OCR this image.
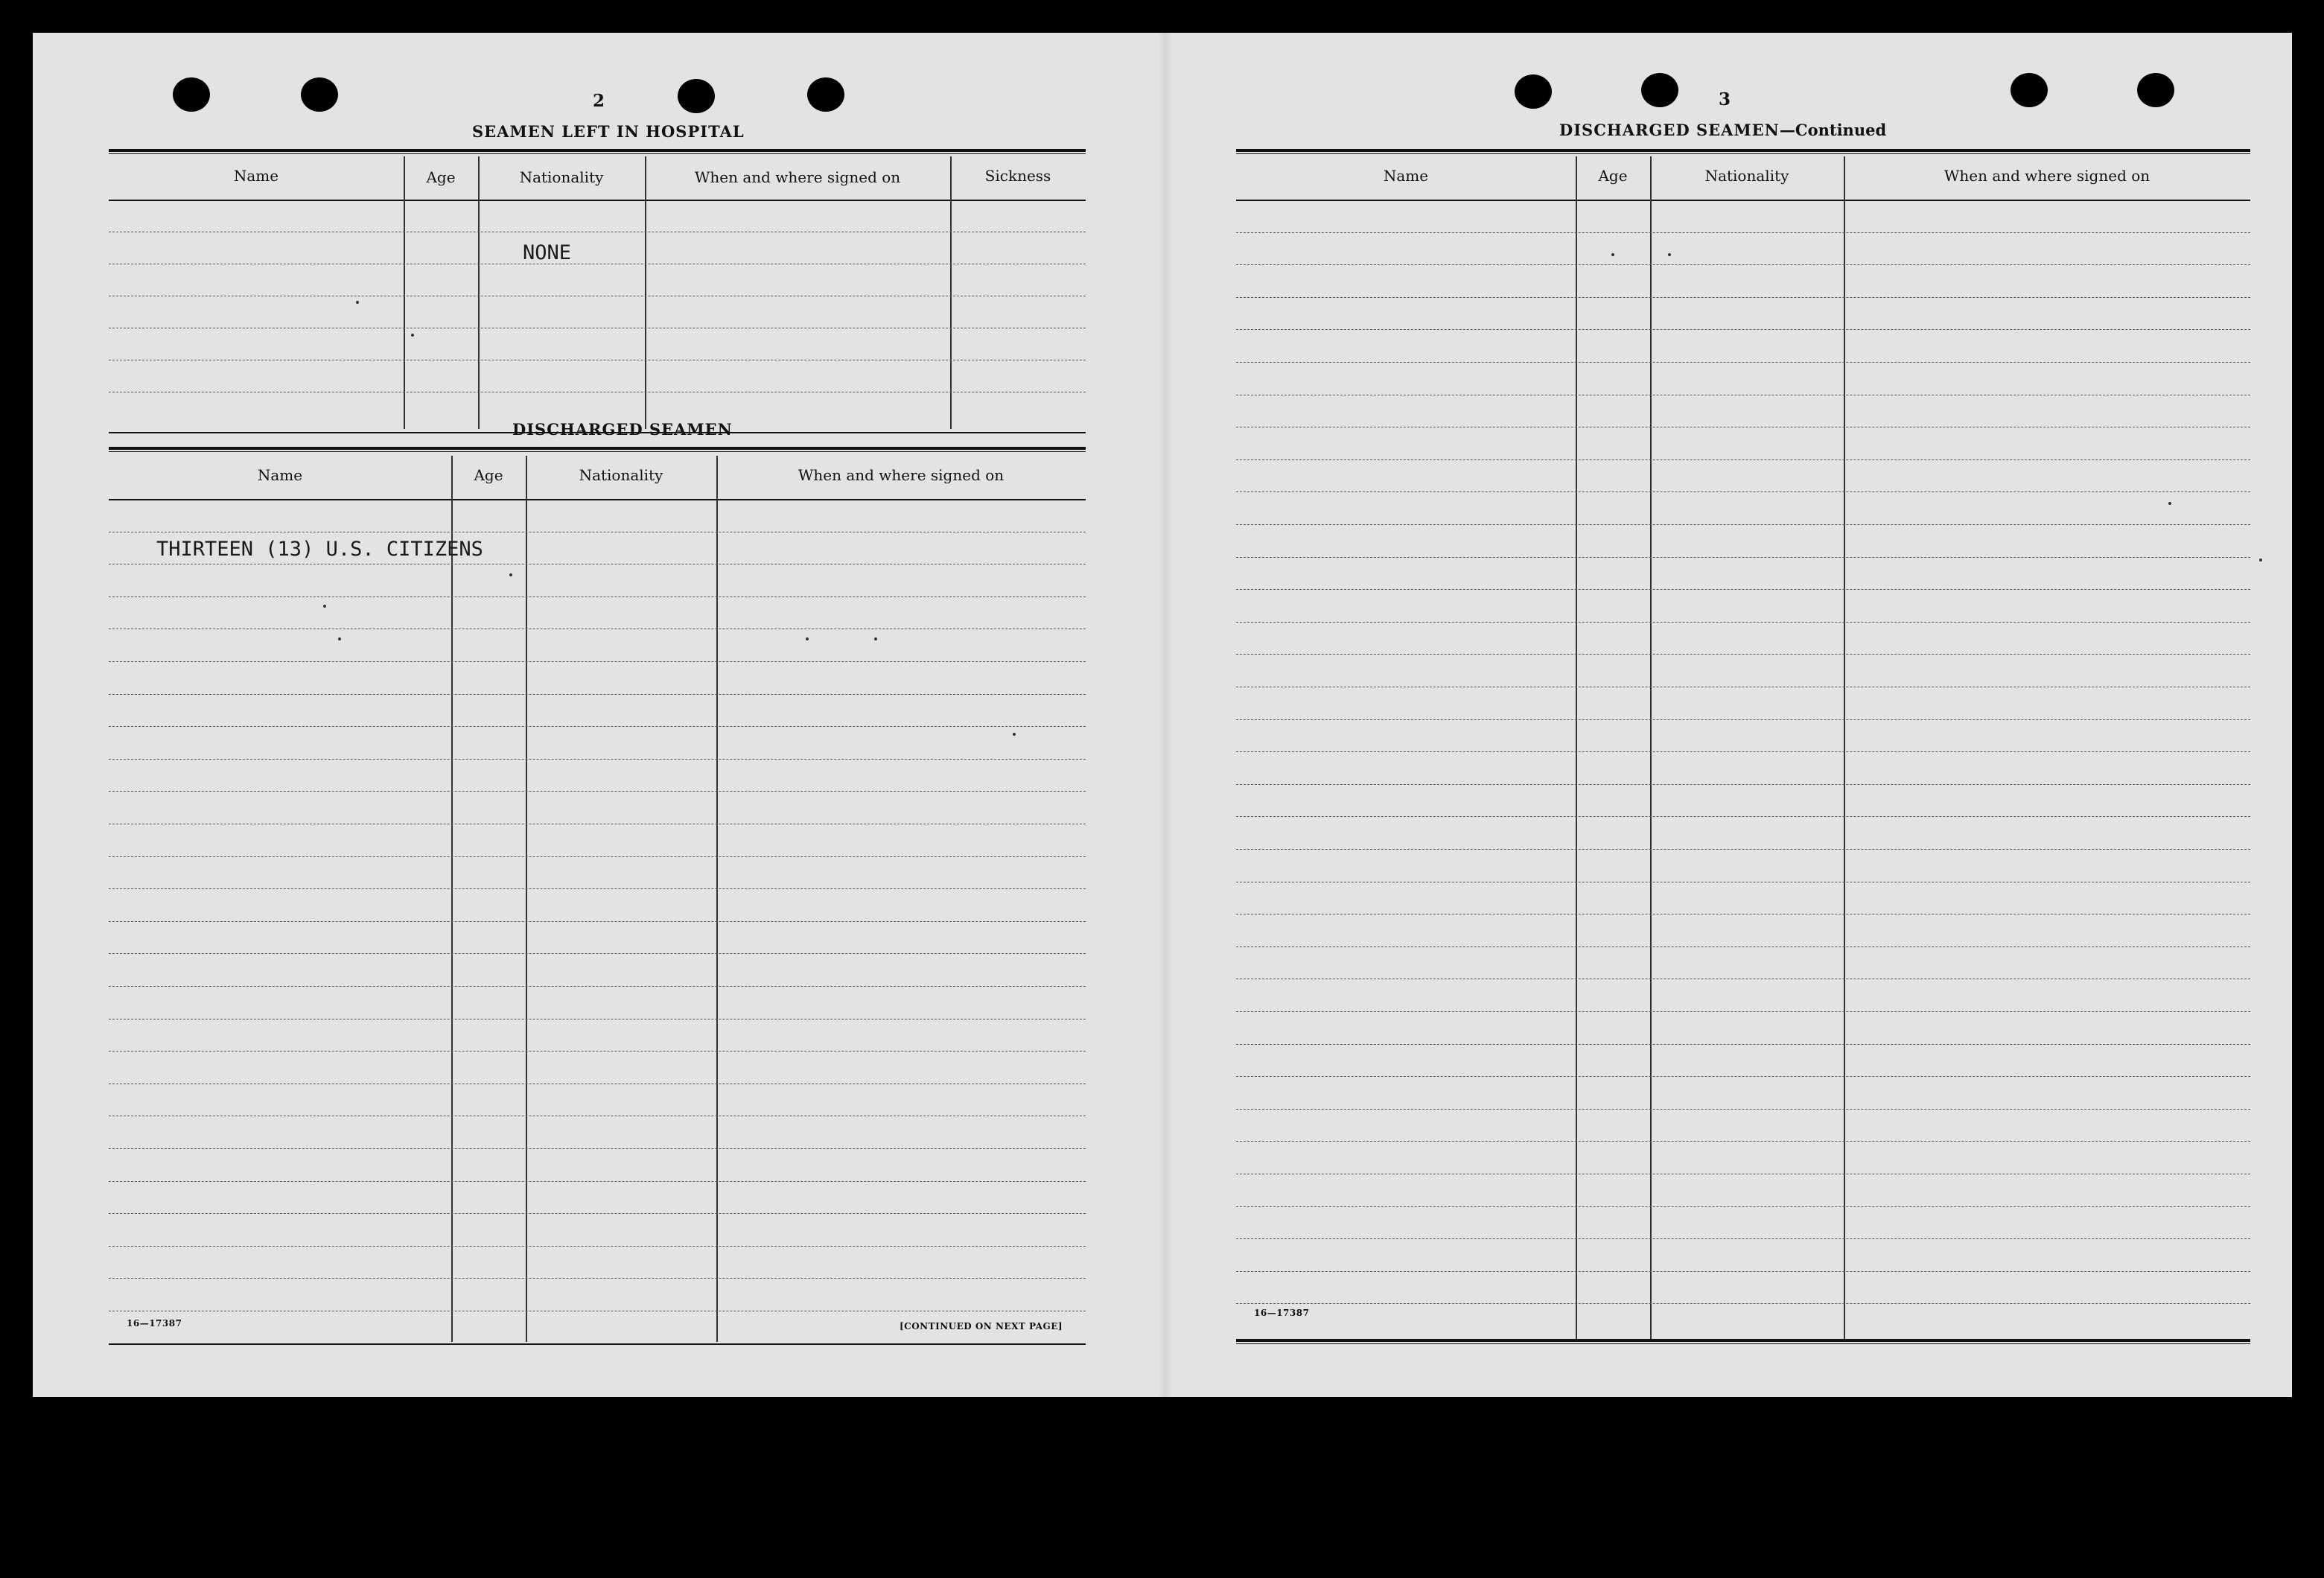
2
SEAMEN LEFT IN HOSPITAL
Name	Age	Nationality	When and where signed on	Sickness
NONE
DISCHARGED SEAMEN
Name	Age	Nationality	When and where signed on
THIRTEEN (13) U.S. CITIZENS
16—17387	[CONTINUED ON NEXT PAGE]
3
DISCHARGED SEAMEN—Continued
Name	Age	Nationality	When and where signed on
16—17387
